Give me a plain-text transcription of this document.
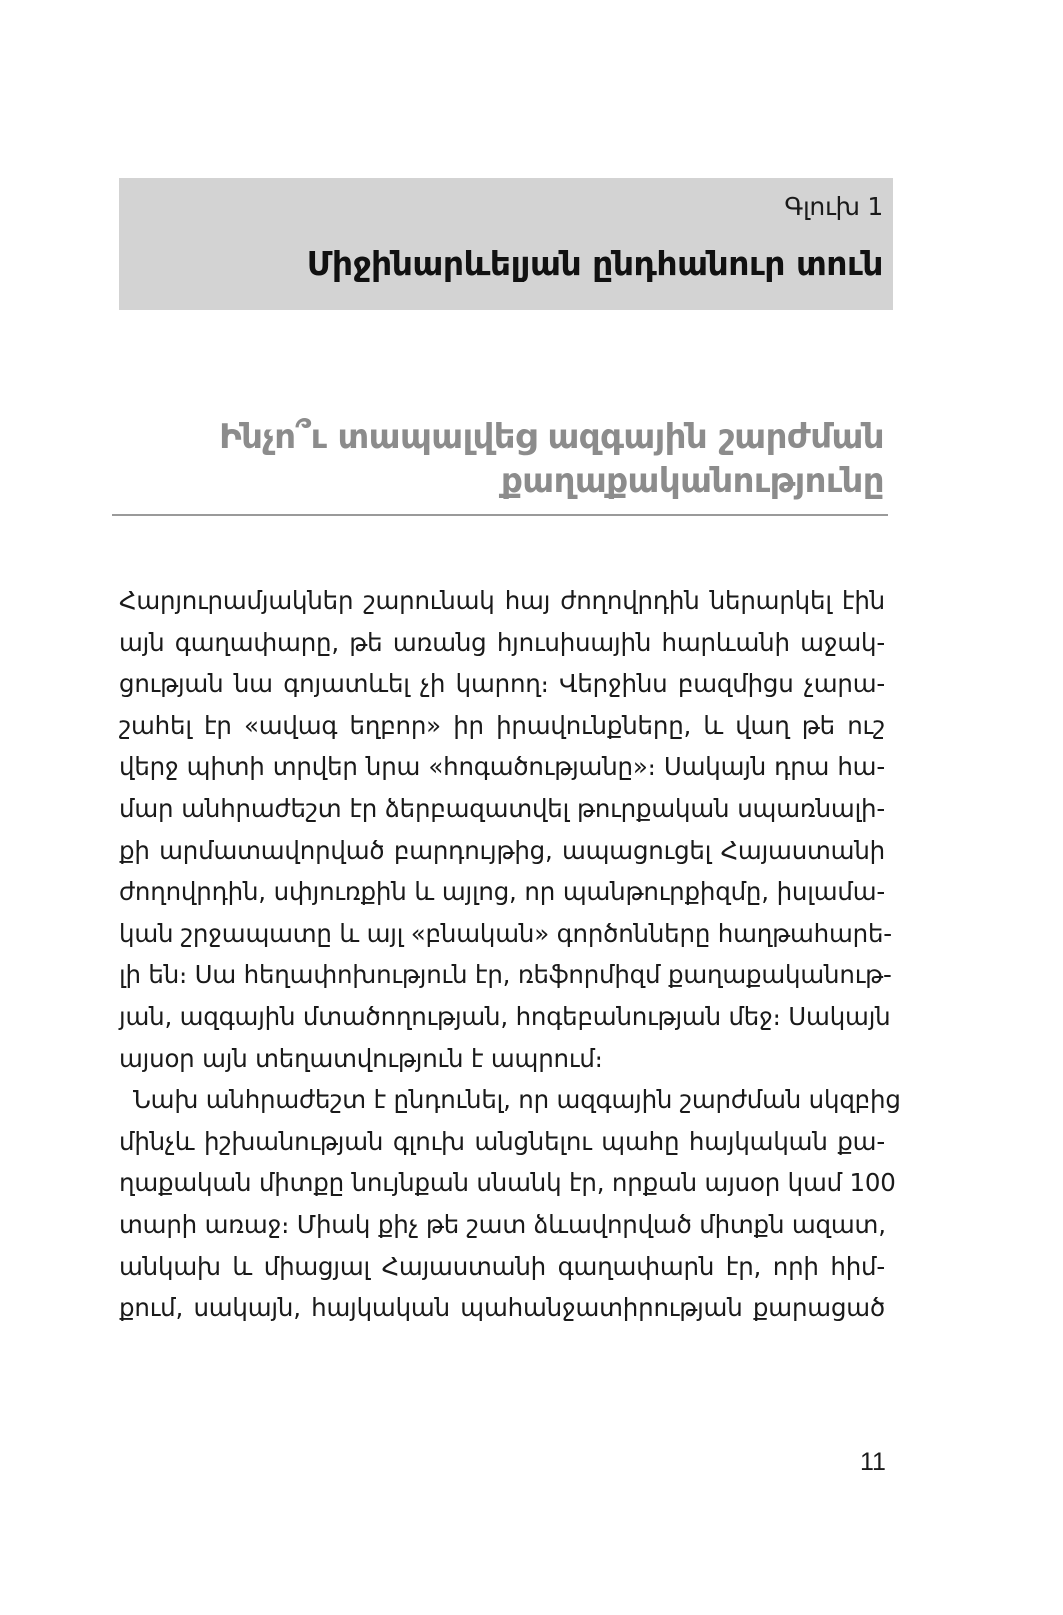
Գլուխ 1
Միջինարևելյան ընդհանուր տուն
Ինչո՞ւ տապալվեց ազգային շարժման
քաղաքականությունը
Հարյուրամյակներ շարունակ հայ ժողովրդին ներարկել էին
այն գաղափարը, թե առանց հյուսիսային հարևանի աջակ-
ցության նա գոյատևել չի կարող։ Վերջինս բազմիցս չարա-
շահել էր «ավագ եղբոր» իր իրավունքները, և վաղ թե ուշ
վերջ պիտի տրվեր նրա «հոգածությանը»։ Սակայն դրա հա-
մար անհրաժեշտ էր ձերբազատվել թուրքական սպառնալի-
քի արմատավորված բարդույթից, ապացուցել Հայաստանի
ժողովրդին, սփյուռքին և այլոց, որ պանթուրքիզմը, իսլամա-
կան շրջապատը և այլ «բնական» գործոնները հաղթահարե-
լի են։ Սա հեղափոխություն էր, ռեֆորմիզմ քաղաքականութ-
յան, ազգային մտածողության, հոգեբանության մեջ։ Սակայն
այսօր այն տեղատվություն է ապրում։
Նախ անհրաժեշտ է ընդունել, որ ազգային շարժման սկզբից
մինչև իշխանության գլուխ անցնելու պահը հայկական քա-
ղաքական միտքը նույնքան սնանկ էր, որքան այսօր կամ 100
տարի առաջ։ Միակ քիչ թե շատ ձևավորված միտքն ազատ,
անկախ և միացյալ Հայաստանի գաղափարն էր, որի հիմ-
քում, սակայն, հայկական պահանջատիրության քարացած
11
